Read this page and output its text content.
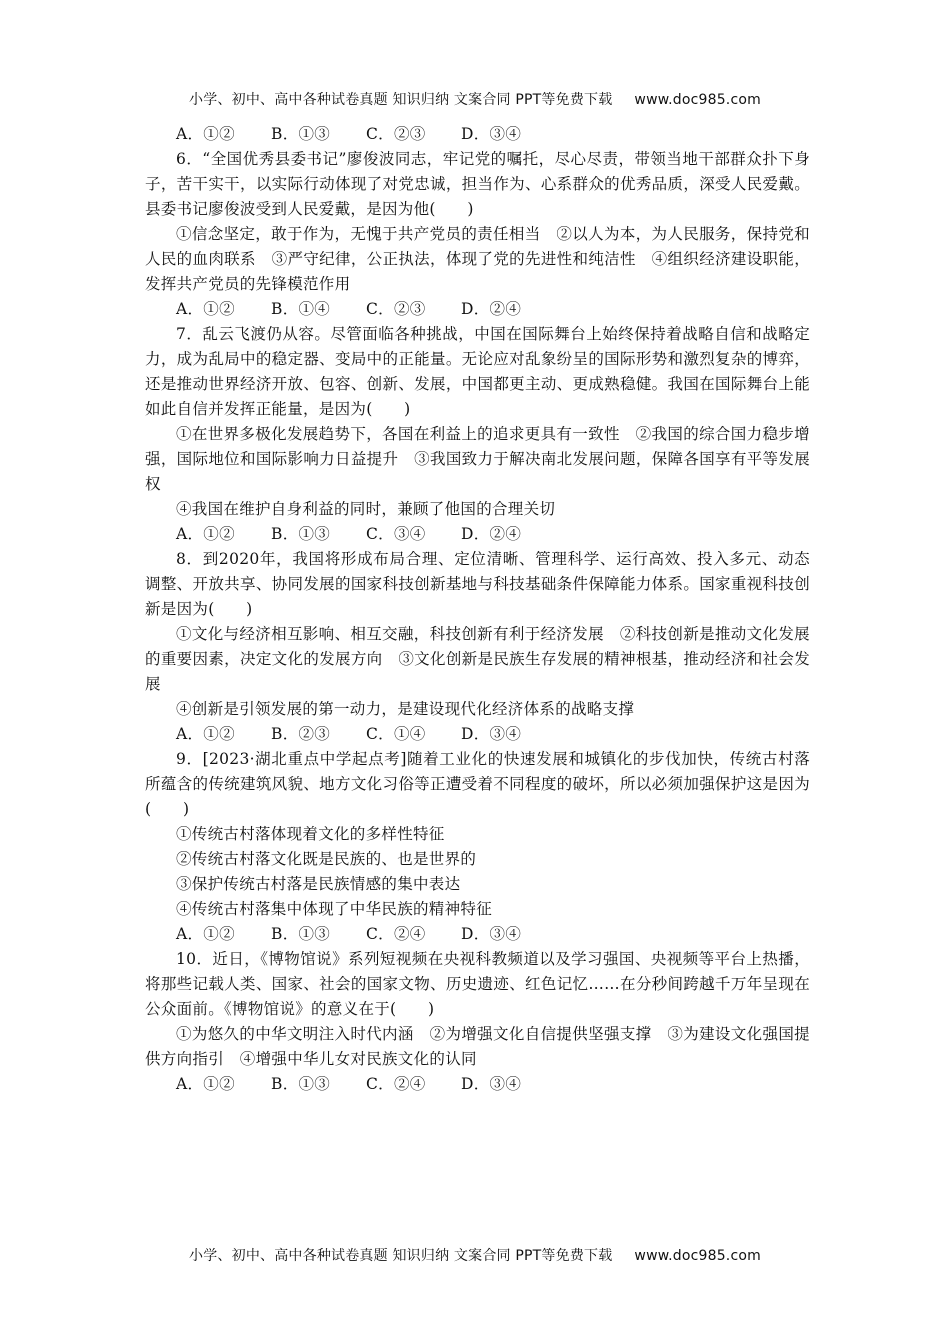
小学、初中、高中各种试卷真题 知识归纳 文案合同 PPT等免费下载 www.doc985.com

A．①② B．①③ C．②③ D．③④

6．“全国优秀县委书记”廖俊波同志，牢记党的嘱托，尽心尽责，带领当地干部群众扑下身子，苦干实干，以实际行动体现了对党忠诚，担当作为、心系群众的优秀品质，深受人民爱戴。县委书记廖俊波受到人民爱戴，是因为他(　　)

①信念坚定，敢于作为，无愧于共产党员的责任相当　②以人为本，为人民服务，保持党和人民的血肉联系　③严守纪律，公正执法，体现了党的先进性和纯洁性　④组织经济建设职能，发挥共产党员的先锋模范作用

A．①② B．①④ C．②③ D．②④

7．乱云飞渡仍从容。尽管面临各种挑战，中国在国际舞台上始终保持着战略自信和战略定力，成为乱局中的稳定器、变局中的正能量。无论应对乱象纷呈的国际形势和激烈复杂的博弈，还是推动世界经济开放、包容、创新、发展，中国都更主动、更成熟稳健。我国在国际舞台上能如此自信并发挥正能量，是因为(　　)

①在世界多极化发展趋势下，各国在利益上的追求更具有一致性　②我国的综合国力稳步增强，国际地位和国际影响力日益提升　③我国致力于解决南北发展问题，保障各国享有平等发展权

④我国在维护自身利益的同时，兼顾了他国的合理关切

A．①② B．①③ C．③④ D．②④

8．到2020年，我国将形成布局合理、定位清晰、管理科学、运行高效、投入多元、动态调整、开放共享、协同发展的国家科技创新基地与科技基础条件保障能力体系。国家重视科技创新是因为(　　)

①文化与经济相互影响、相互交融，科技创新有利于经济发展　②科技创新是推动文化发展的重要因素，决定文化的发展方向　③文化创新是民族生存发展的精神根基，推动经济和社会发展

④创新是引领发展的第一动力，是建设现代化经济体系的战略支撑

A．①② B．②③ C．①④ D．③④

9．[2023·湖北重点中学起点考]随着工业化的快速发展和城镇化的步伐加快，传统古村落所蕴含的传统建筑风貌、地方文化习俗等正遭受着不同程度的破坏，所以必须加强保护这是因为(　　)

①传统古村落体现着文化的多样性特征

②传统古村落文化既是民族的、也是世界的

③保护传统古村落是民族情感的集中表达

④传统古村落集中体现了中华民族的精神特征

A．①② B．①③ C．②④ D．③④

10．近日，《博物馆说》系列短视频在央视科教频道以及学习强国、央视频等平台上热播，将那些记载人类、国家、社会的国家文物、历史遗迹、红色记忆……在分秒间跨越千万年呈现在公众面前。《博物馆说》的意义在于(　　)

①为悠久的中华文明注入时代内涵　②为增强文化自信提供坚强支撑　③为建设文化强国提供方向指引　④增强中华儿女对民族文化的认同

A．①② B．①③ C．②④ D．③④

小学、初中、高中各种试卷真题 知识归纳 文案合同 PPT等免费下载 www.doc985.com
